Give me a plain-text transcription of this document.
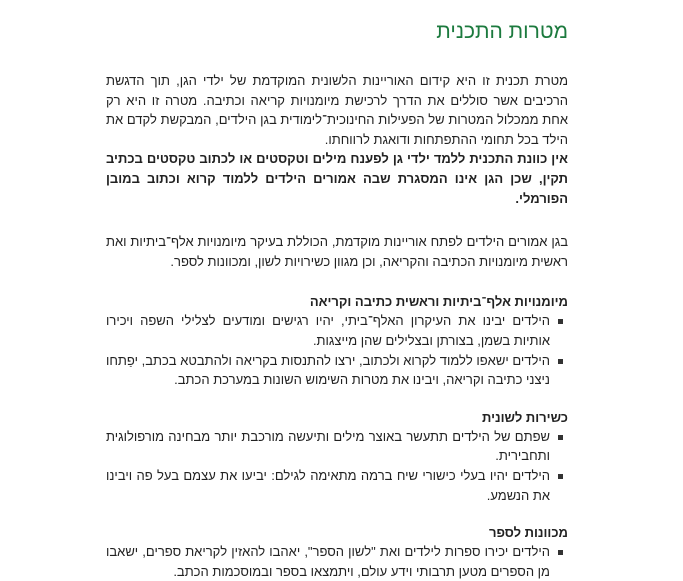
מטרות התכנית

מטרת תכנית זו היא קידום האוריינות הלשונית המוקדמת של ילדי הגן, תוך הדגשת הרכיבים אשר סוללים את הדרך לרכישת מיומנויות קריאה וכתיבה. מטרה זו היא רק אחת ממכלול המטרות של הפעילות החינוכית־לימודית בגן הילדים, המבקשת לקדם את הילד בכל תחומי ההתפתחות ודואגת לרווחתו.

אין כוונת התכנית ללמד ילדי גן לפענח מילים וטקסטים או לכתוב טקסטים בכתיב תקין, שכן הגן אינו המסגרת שבה אמורים הילדים ללמוד קרוא וכתוב במובן הפורמלי.

בגן אמורים הילדים לפתח אוריינות מוקדמת, הכוללת בעיקר מיומנויות אלף־ביתיות ואת ראשית מיומנויות הכתיבה והקריאה, וכן מגוון כשירויות לשון, ומכוונות לספר.

מיומנויות אלף־ביתיות וראשית כתיבה וקריאה
הילדים יבינו את העיקרון האלף־ביתי, יהיו רגישים ומודעים לצלילי השפה ויכירו אותיות בשמן, בצורתן ובצלילים שהן מייצגות.
הילדים ישאפו ללמוד לקרוא ולכתוב, ירצו להתנסות בקריאה ולהתבטא בכתב, יפַתחו ניצני כתיבה וקריאה, ויבינו את מטרות השימוש השונות במערכת הכתב.
כשירות לשונית
שפתם של הילדים תתעשר באוצר מילים ותיעשה מורכבת יותר מבחינה מורפולוגית ותחבירית.
הילדים יהיו בעלי כישורי שיח ברמה מתאימה לגילם: יביעו את עצמם בעל פה ויבינו את הנשמע.
מכוונות לספר
הילדים יכירו ספרות לילדים ואת "לשון הספר", יאהבו להאזין לקריאת ספרים, ישאבו מן הספרים מטען תרבותי וידע עולם, ויתמצאו בספר ובמוסכמות הכתב.
